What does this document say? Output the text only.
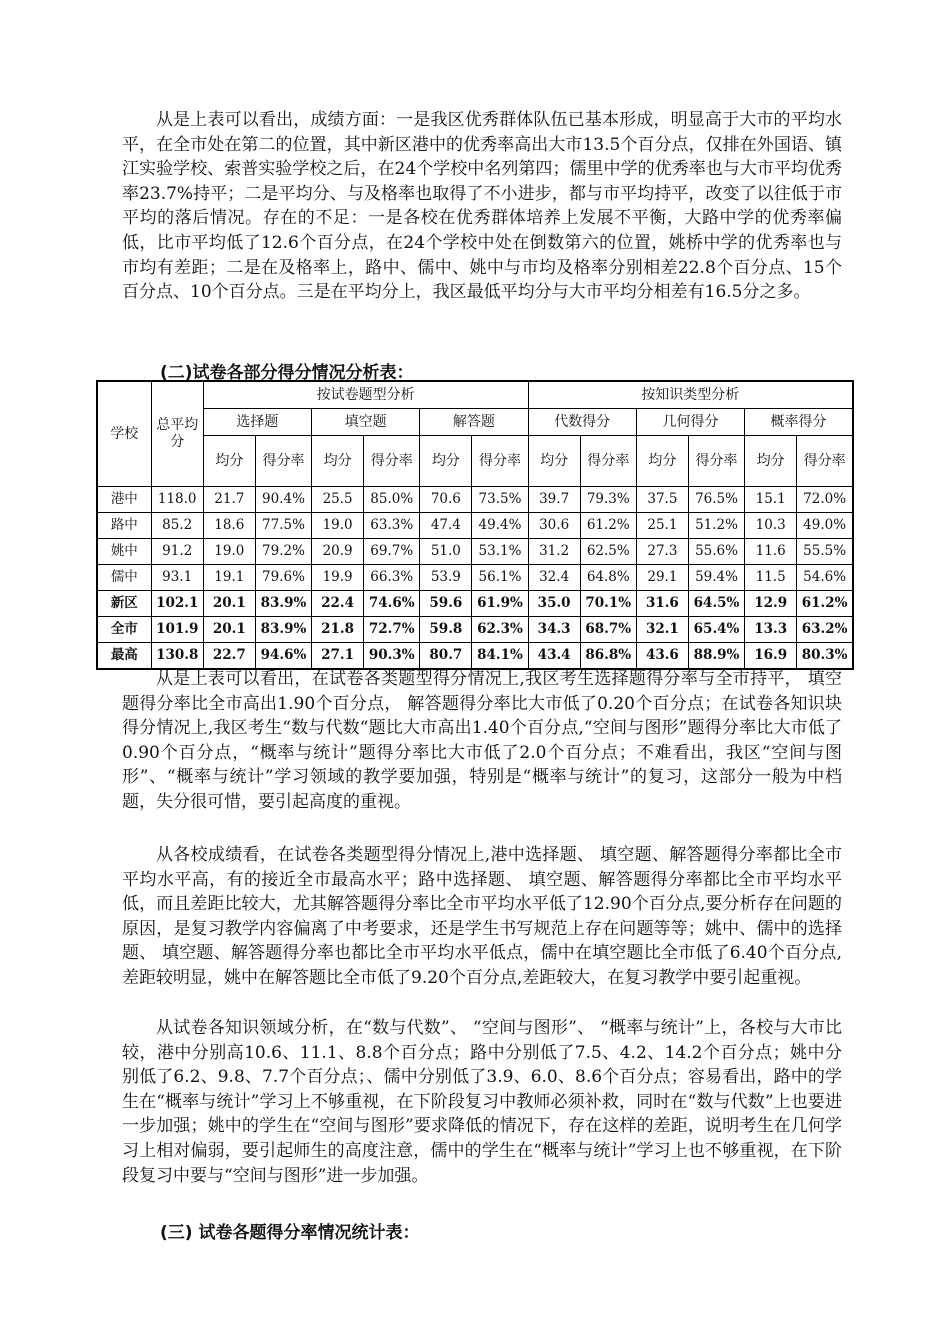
从是上表可以看出，成绩方面：一是我区优秀群体队伍已基本形成，明显高于大市的平均水平，在全市处在第二的位置，其中新区港中的优秀率高出大市13.5个百分点，仅排在外国语、镇江实验学校、索普实验学校之后，在24个学校中名列第四；儒里中学的优秀率也与大市平均优秀率23.7%持平；二是平均分、与及格率也取得了不小进步，都与市平均持平，改变了以往低于市平均的落后情况。存在的不足：一是各校在优秀群体培养上发展不平衡，大路中学的优秀率偏低，比市平均低了12.6个百分点，在24个学校中处在倒数第六的位置，姚桥中学的优秀率也与市均有差距；二是在及格率上，路中、儒中、姚中与市均及格率分别相差22.8个百分点、15个百分点、10个百分点。三是在平均分上，我区最低平均分与大市平均分相差有16.5分之多。

(二)试卷各部分得分情况分析表：

学校	总平均分	按试卷题型分析						按知识类型分析					
		选择题		填空题		解答题		代数得分		几何得分		概率得分	
		均分	得分率	均分	得分率	均分	得分率	均分	得分率	均分	得分率	均分	得分率
港中	118.0	21.7	90.4%	25.5	85.0%	70.6	73.5%	39.7	79.3%	37.5	76.5%	15.1	72.0%
路中	85.2	18.6	77.5%	19.0	63.3%	47.4	49.4%	30.6	61.2%	25.1	51.2%	10.3	49.0%
姚中	91.2	19.0	79.2%	20.9	69.7%	51.0	53.1%	31.2	62.5%	27.3	55.6%	11.6	55.5%
儒中	93.1	19.1	79.6%	19.9	66.3%	53.9	56.1%	32.4	64.8%	29.1	59.4%	11.5	54.6%
新区	102.1	20.1	83.9%	22.4	74.6%	59.6	61.9%	35.0	70.1%	31.6	64.5%	12.9	61.2%
全市	101.9	20.1	83.9%	21.8	72.7%	59.8	62.3%	34.3	68.7%	32.1	65.4%	13.3	63.2%
最高	130.8	22.7	94.6%	27.1	90.3%	80.7	84.1%	43.4	86.8%	43.6	88.9%	16.9	80.3%

从是上表可以看出，在试卷各类题型得分情况上,我区考生选择题得分率与全市持平， 填空题得分率比全市高出1.90个百分点， 解答题得分率比大市低了0.20个百分点；在试卷各知识块得分情况上,我区考生“数与代数“题比大市高出1.40个百分点,“空间与图形”题得分率比大市低了0.90个百分点，“概率与统计”题得分率比大市低了2.0个百分点；不难看出，我区“空间与图形”、“概率与统计”学习领域的教学要加强，特别是“概率与统计”的复习，这部分一般为中档题，失分很可惜，要引起高度的重视。

从各校成绩看，在试卷各类题型得分情况上,港中选择题、 填空题、解答题得分率都比全市平均水平高，有的接近全市最高水平；路中选择题、 填空题、解答题得分率都比全市平均水平低，而且差距比较大，尤其解答题得分率比全市平均水平低了12.90个百分点,要分析存在问题的原因，是复习教学内容偏离了中考要求，还是学生书写规范上存在问题等等；姚中、儒中的选择题、 填空题、解答题得分率也都比全市平均水平低点，儒中在填空题比全市低了6.40个百分点,差距较明显，姚中在解答题比全市低了9.20个百分点,差距较大，在复习教学中要引起重视。

从试卷各知识领域分析，在“数与代数”、 “空间与图形”、 “概率与统计”上，各校与大市比较，港中分别高10.6、11.1、8.8个百分点；路中分别低了7.5、4.2、14.2个百分点；姚中分别低了6.2、9.8、7.7个百分点；、儒中分别低了3.9、6.0、8.6个百分点；容易看出，路中的学生在“概率与统计”学习上不够重视，在下阶段复习中教师必须补救，同时在“数与代数”上也要进一步加强；姚中的学生在“空间与图形”要求降低的情况下，存在这样的差距，说明考生在几何学习上相对偏弱，要引起师生的高度注意，儒中的学生在“概率与统计”学习上也不够重视，在下阶段复习中要与“空间与图形”进一步加强。

(三) 试卷各题得分率情况统计表：
